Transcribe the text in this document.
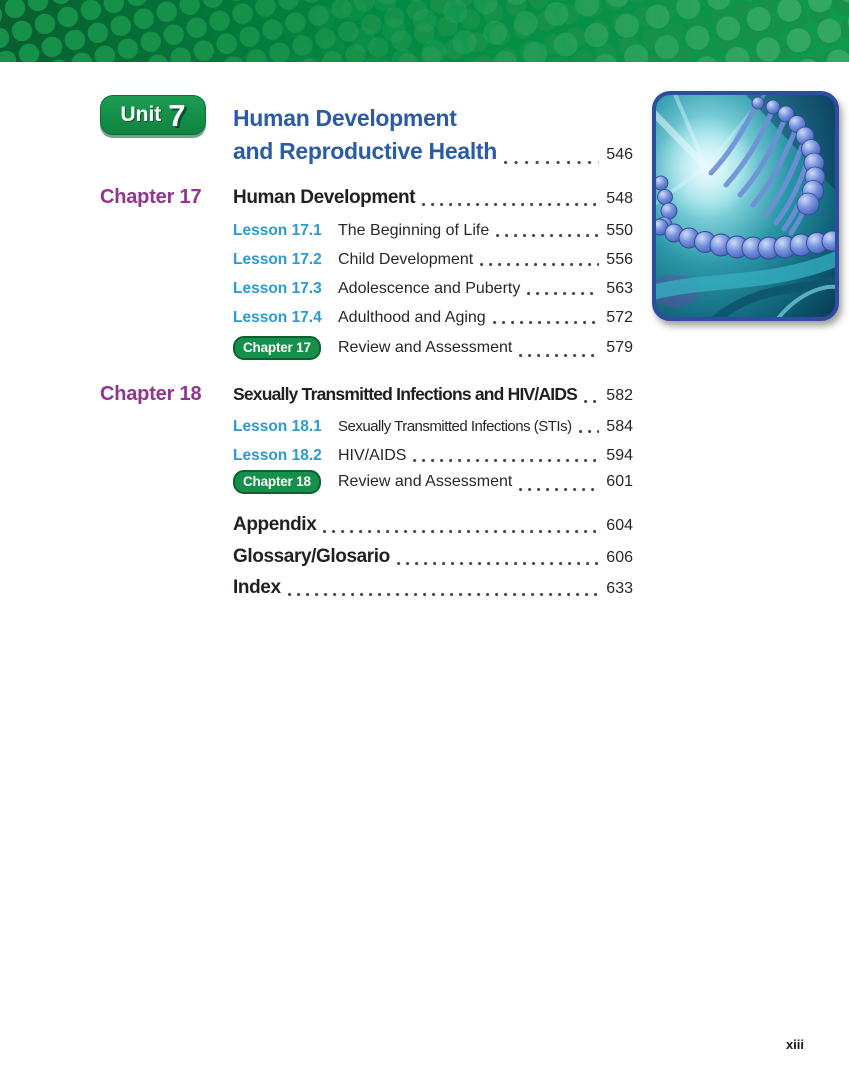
Unit 7 Human Development
and Reproductive Health	546
Chapter 17	Human Development	548
Lesson 17.1	The Beginning of Life	550
Lesson 17.2	Child Development	556
Lesson 17.3	Adolescence and Puberty	563
Lesson 17.4	Adulthood and Aging	572
Chapter 17	Review and Assessment	579
Chapter 18	Sexually Transmitted Infections and HIV/AIDS 582
Lesson 18.1	Sexually Transmitted Infections (STIs) 584
Lesson 18.2	HIV/AIDS	594
Chapter 18	Review and Assessment	601
Appendix	604
Glossary/Glosario	606
Index	633
xiii
